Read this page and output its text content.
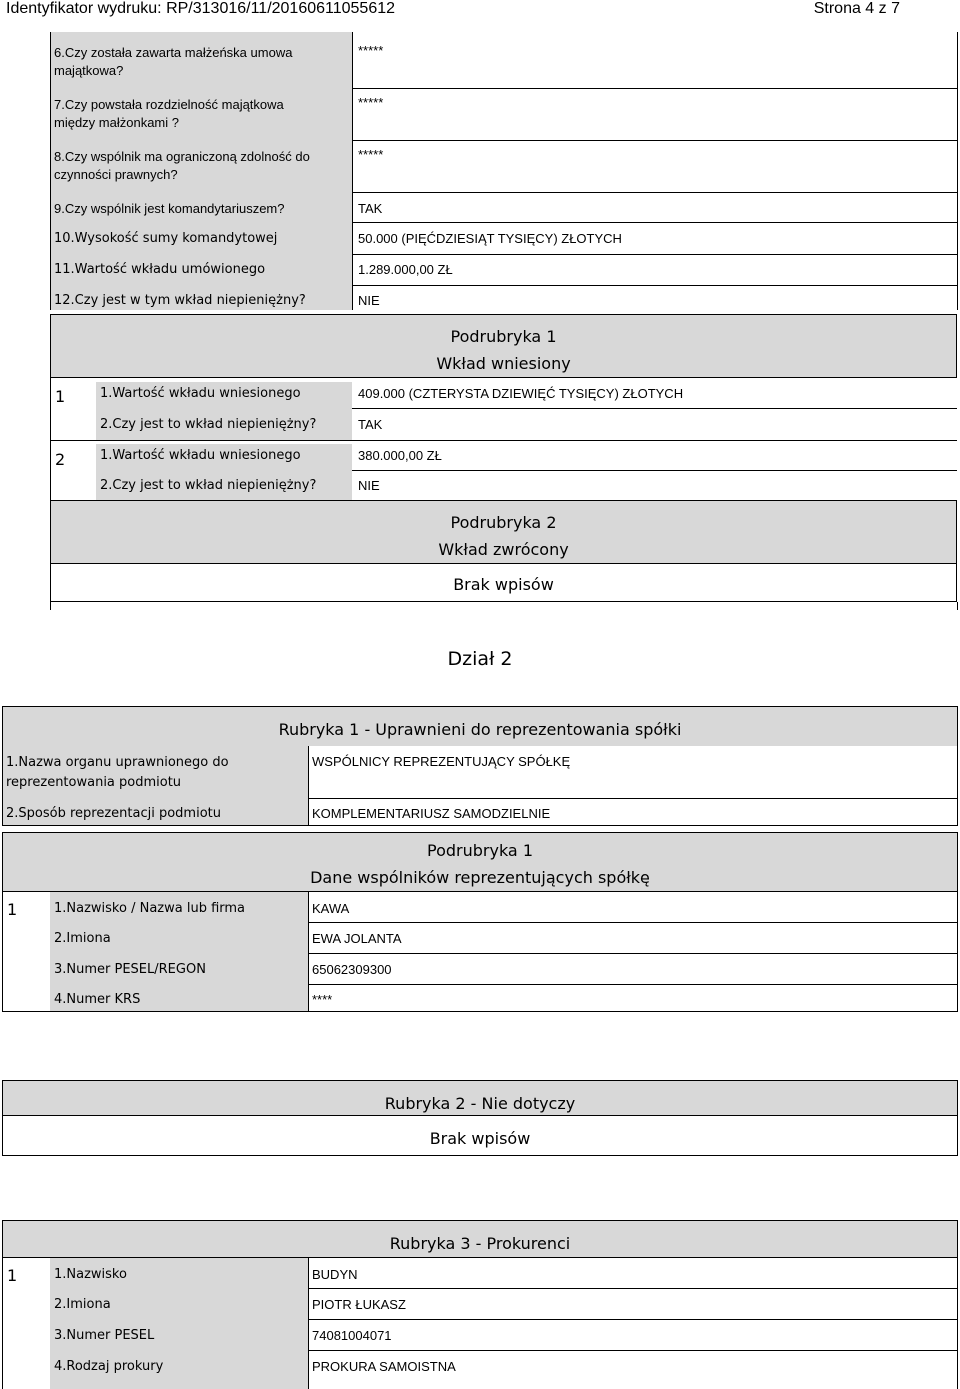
Identyfikator wydruku: RP/313016/11/20160611055612	Strona 4 z 7
6.Czy została zawarta małżeńska umowa
majątkowa?
*****
7.Czy powstała rozdzielność majątkowa
między małżonkami ?
*****
8.Czy wspólnik ma ograniczoną zdolność do
czynności prawnych?
*****
9.Czy wspólnik jest komandytariuszem?	TAK
10.Wysokość sumy komandytowej	50.000 (PIĘĆDZIESIĄT TYSIĘCY) ZŁOTYCH
11.Wartość wkładu umówionego	1.289.000,00 ZŁ
12.Czy jest w tym wkład niepieniężny?	NIE
Podrubryka 1
Wkład wniesiony
1	1.Wartość wkładu wniesionego	409.000 (CZTERYSTA DZIEWIĘĆ TYSIĘCY) ZŁOTYCH
2.Czy jest to wkład niepieniężny?	TAK
2	1.Wartość wkładu wniesionego	380.000,00 ZŁ
2.Czy jest to wkład niepieniężny?	NIE
Podrubryka 2
Wkład zwrócony
Brak wpisów
Dział 2
Rubryka 1 - Uprawnieni do reprezentowania spółki
1.Nazwa organu uprawnionego do
reprezentowania podmiotu
WSPÓLNICY REPREZENTUJĄCY SPÓŁKĘ
2.Sposób reprezentacji podmiotu	KOMPLEMENTARIUSZ SAMODZIELNIE
Podrubryka 1
Dane wspólników reprezentujących spółkę
1	1.Nazwisko / Nazwa lub firma	KAWA
2.Imiona	EWA JOLANTA
3.Numer PESEL/REGON	65062309300
4.Numer KRS	****
Rubryka 2 - Nie dotyczy
Brak wpisów
Rubryka 3 - Prokurenci
1	1.Nazwisko	BUDYN
2.Imiona	PIOTR ŁUKASZ
3.Numer PESEL	74081004071
4.Rodzaj prokury	PROKURA SAMOISTNA
